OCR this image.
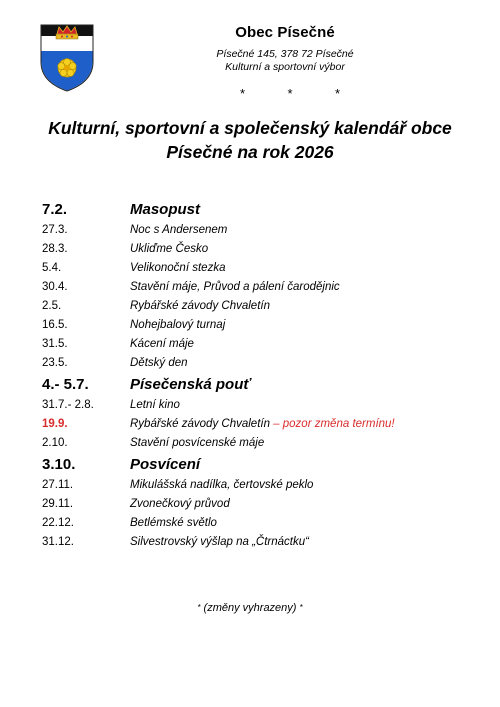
Obec Písečné

Písečné 145, 378 72 Písečné

Kulturní a sportovní výbor

*	*	*
Kulturní, sportovní a společenský kalendář obce
Písečné na rok 2026
7.2.	Masopust
27.3.	Noc s Andersenem
28.3.	Ukliďme Česko
5.4.	Velikonoční stezka
30.4.	Stavění máje, Průvod a pálení čarodějnic
2.5.	Rybářské závody Chvaletín
16.5.	Nohejbalový turnaj
31.5.	Kácení máje
23.5.	Dětský den
4.- 5.7.	Písečenská pouť
31.7.- 2.8.	Letní kino
19.9.	Rybářské závody Chvaletín – pozor změna termínu!
2.10.	Stavění posvícenské máje
3.10.	Posvícení
27.11.	Mikulášská nadílka, čertovské peklo
29.11.	Zvonečkový průvod
22.12.	Betlémské světlo
31.12.	Silvestrovský výšlap na „Čtrnáctku“
* (změny vyhrazeny) *
